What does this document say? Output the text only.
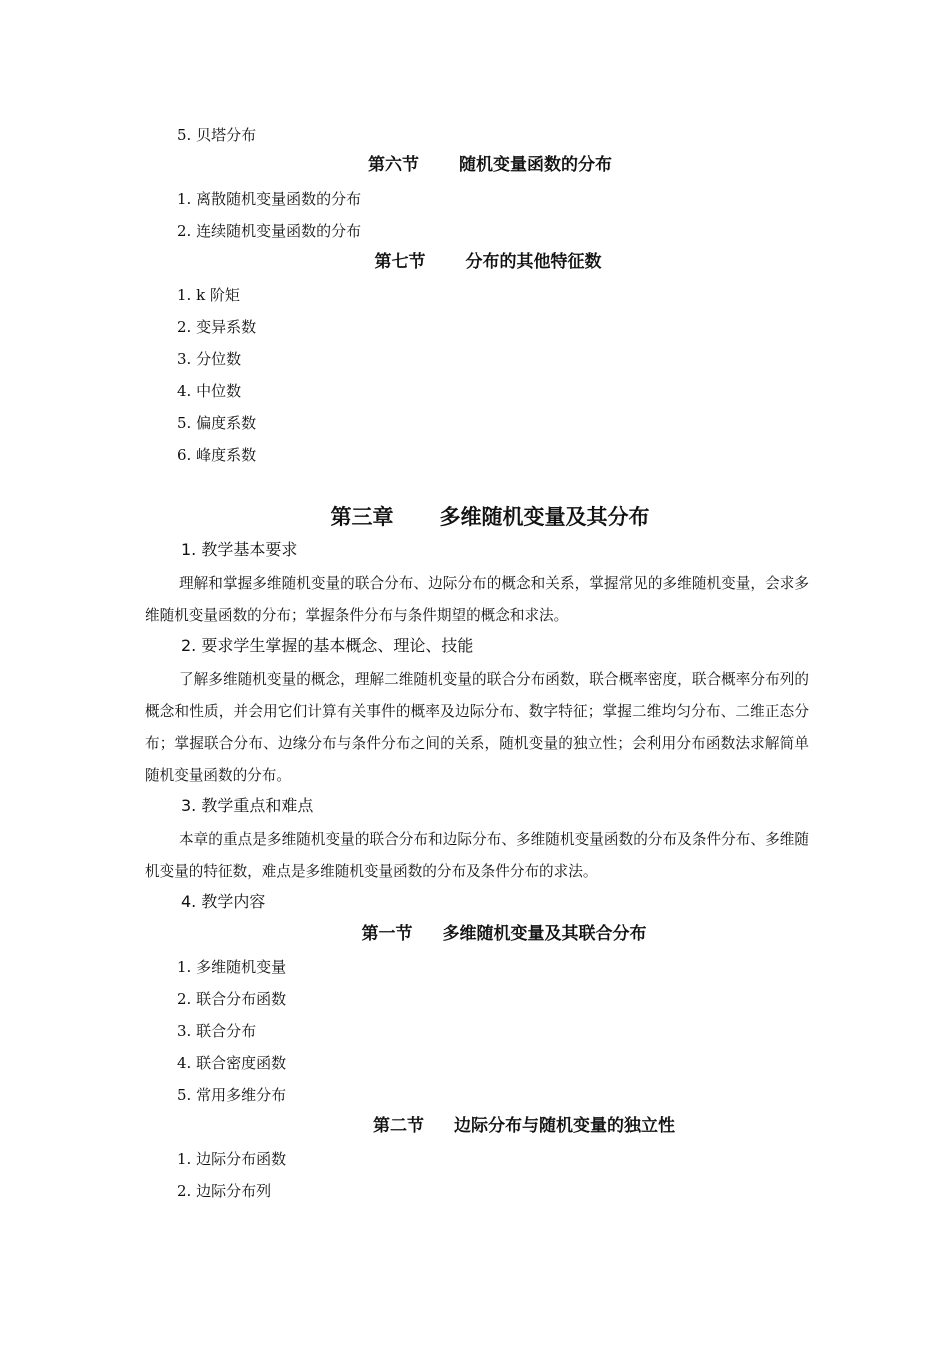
5. 贝塔分布
第六节 随机变量函数的分布
1. 离散随机变量函数的分布
2. 连续随机变量函数的分布
第七节 分布的其他特征数
1. k 阶矩
2. 变异系数
3. 分位数
4. 中位数
5. 偏度系数
6. 峰度系数
第三章 多维随机变量及其分布
1. 教学基本要求
理解和掌握多维随机变量的联合分布、边际分布的概念和关系，掌握常见的多维随机变量，会求多维随机变量函数的分布；掌握条件分布与条件期望的概念和求法。
2. 要求学生掌握的基本概念、理论、技能
了解多维随机变量的概念，理解二维随机变量的联合分布函数，联合概率密度，联合概率分布列的概念和性质，并会用它们计算有关事件的概率及边际分布、数字特征；掌握二维均匀分布、二维正态分布；掌握联合分布、边缘分布与条件分布之间的关系，随机变量的独立性；会利用分布函数法求解简单随机变量函数的分布。
3. 教学重点和难点
本章的重点是多维随机变量的联合分布和边际分布、多维随机变量函数的分布及条件分布、多维随机变量的特征数，难点是多维随机变量函数的分布及条件分布的求法。
4. 教学内容
第一节 多维随机变量及其联合分布
1. 多维随机变量
2. 联合分布函数
3. 联合分布
4. 联合密度函数
5. 常用多维分布
第二节 边际分布与随机变量的独立性
1. 边际分布函数
2. 边际分布列
